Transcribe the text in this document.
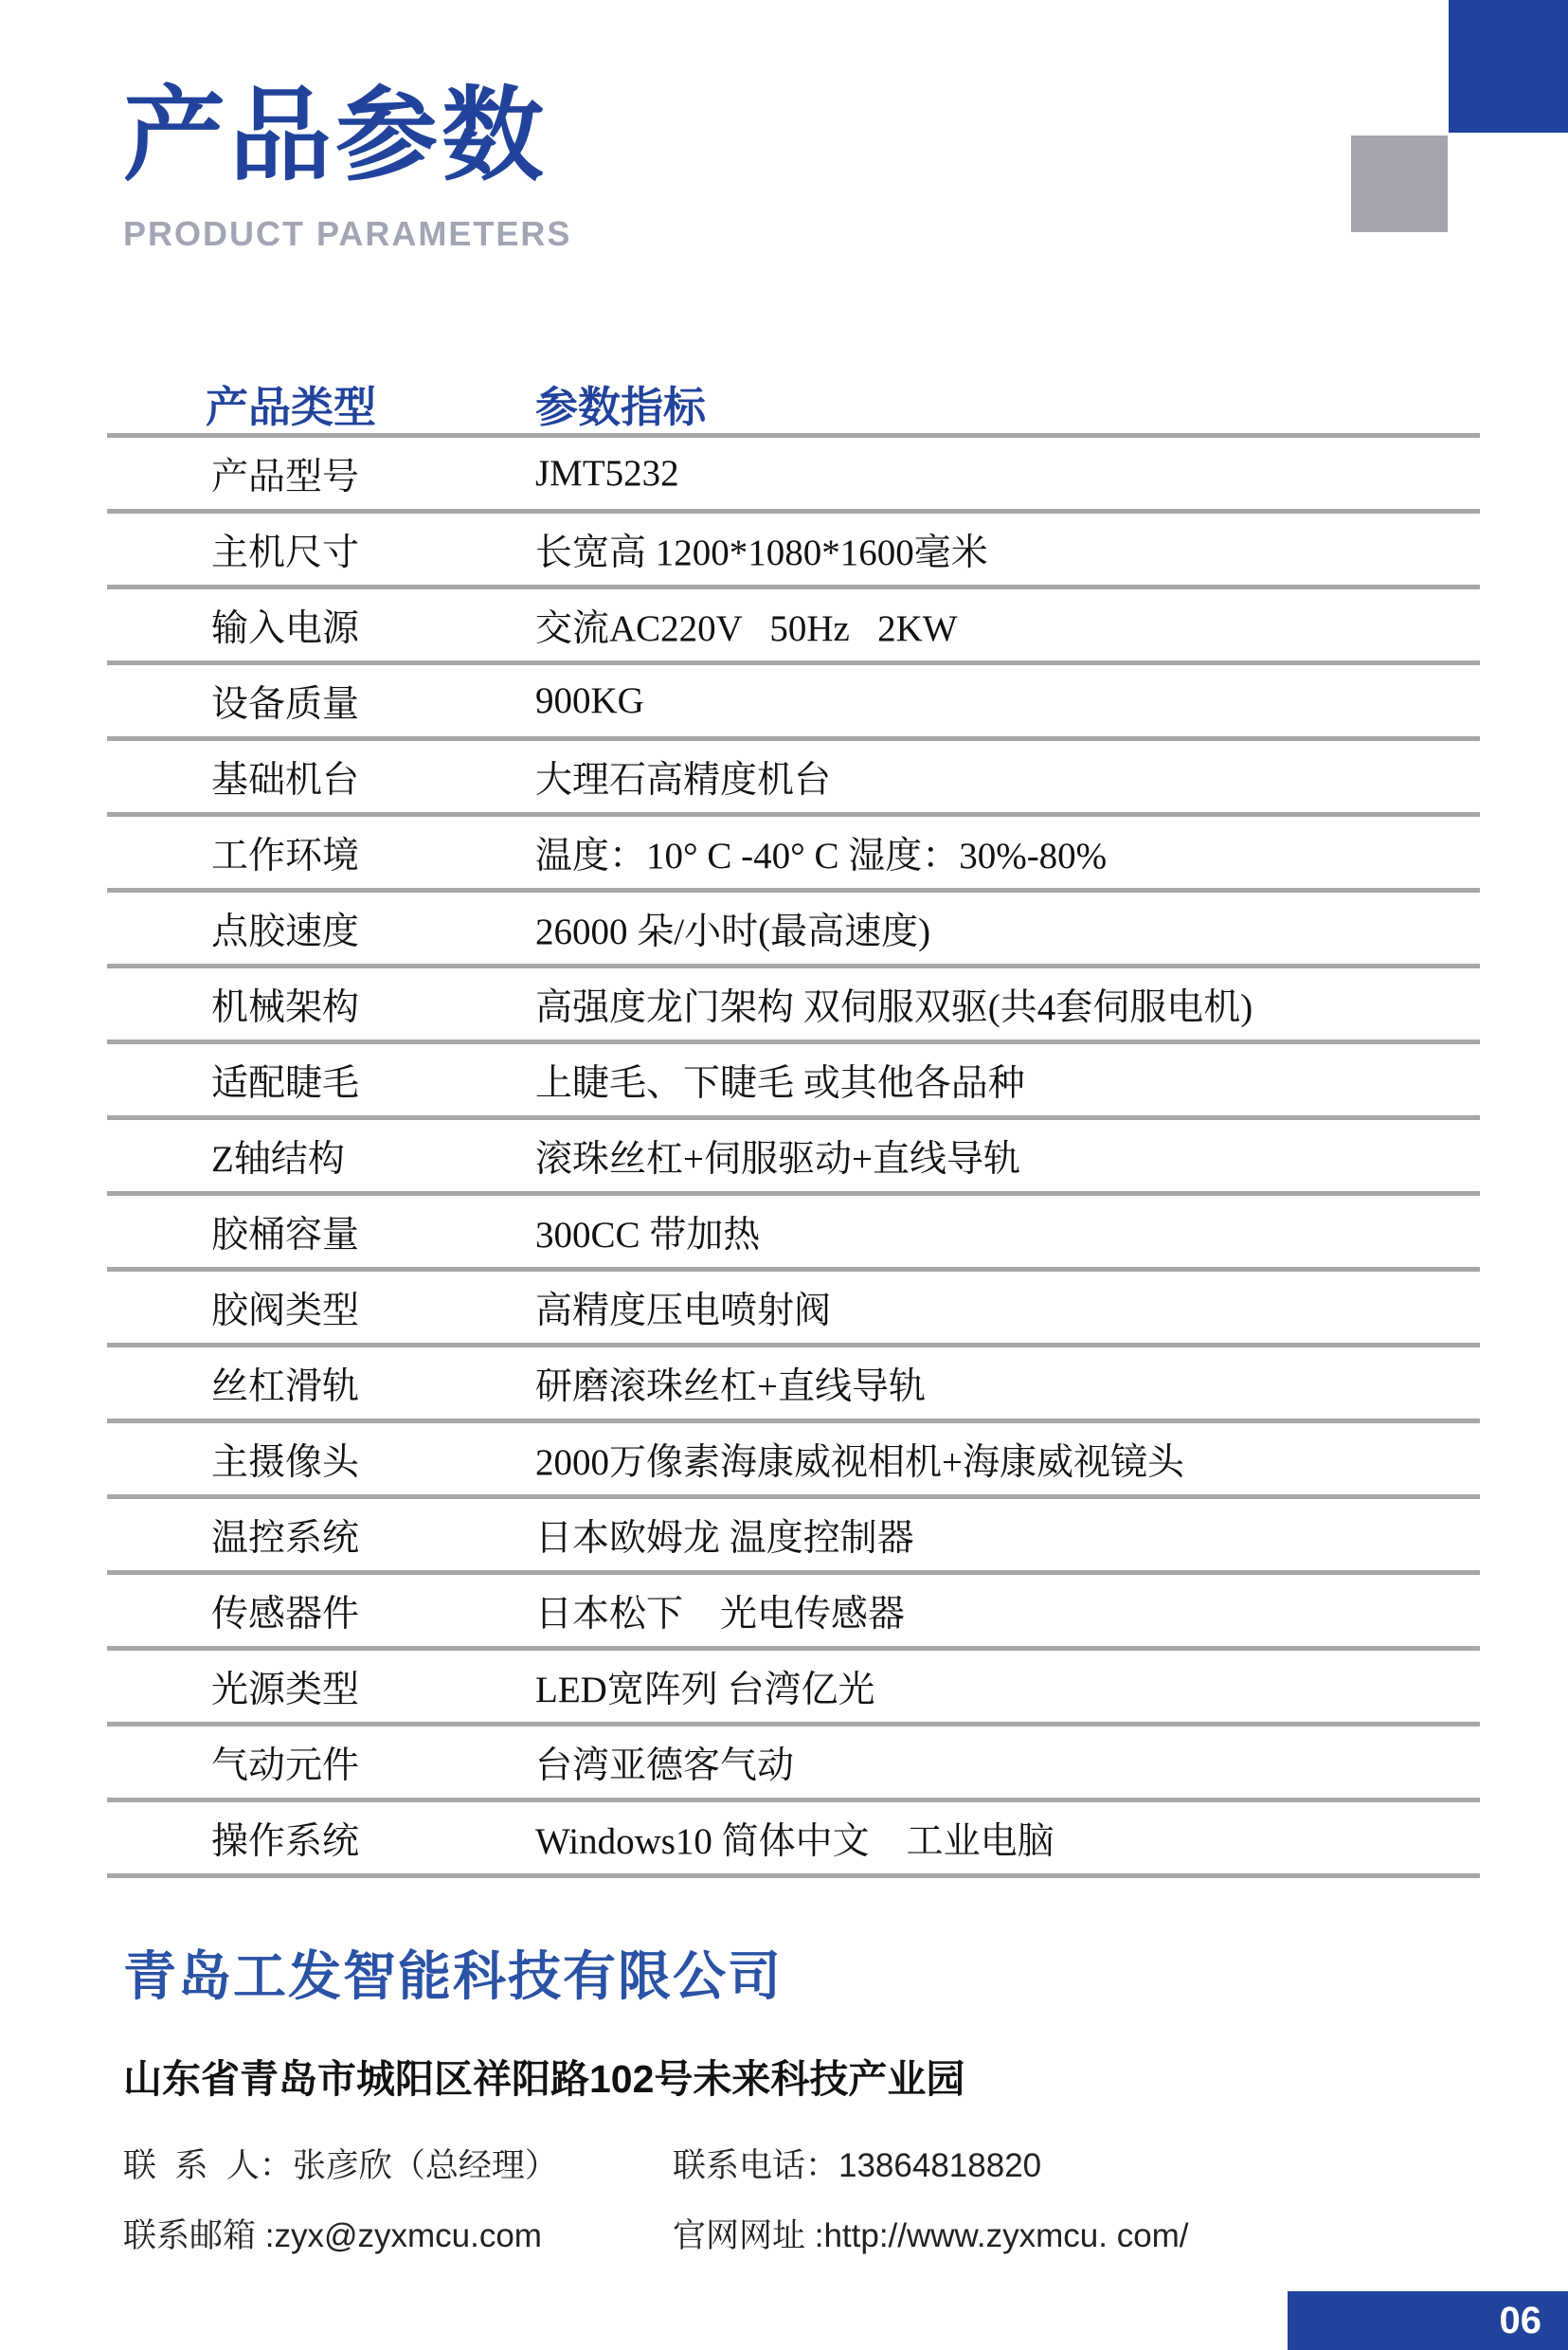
产品参数
PRODUCT PARAMETERS
产品类型	参数指标
产品型号	JMT5232
主机尺寸	长宽高 1200*1080*1600毫米
输入电源	交流AC220V   50Hz   2KW
设备质量	900KG
基础机台	大理石高精度机台
工作环境	温度：10° C -40° C 湿度：30%-80%
点胶速度	26000 朵/小时(最高速度)
机械架构	高强度龙门架构 双伺服双驱(共4套伺服电机)
适配睫毛	上睫毛、下睫毛 或其他各品种
Z轴结构	滚珠丝杠+伺服驱动+直线导轨
胶桶容量	300CC 带加热
胶阀类型	高精度压电喷射阀
丝杠滑轨	研磨滚珠丝杠+直线导轨
主摄像头	2000万像素海康威视相机+海康威视镜头
温控系统	日本欧姆龙 温度控制器
传感器件	日本松下　光电传感器
光源类型	LED宽阵列 台湾亿光
气动元件	台湾亚德客气动
操作系统	Windows10 简体中文　工业电脑
青岛工发智能科技有限公司
山东省青岛市城阳区祥阳路102号未来科技产业园
联  系  人：张彦欣（总经理）	联系电话：13864818820
联系邮箱 :zyx@zyxmcu.com	官网网址 :http://www.zyxmcu. com/
06
